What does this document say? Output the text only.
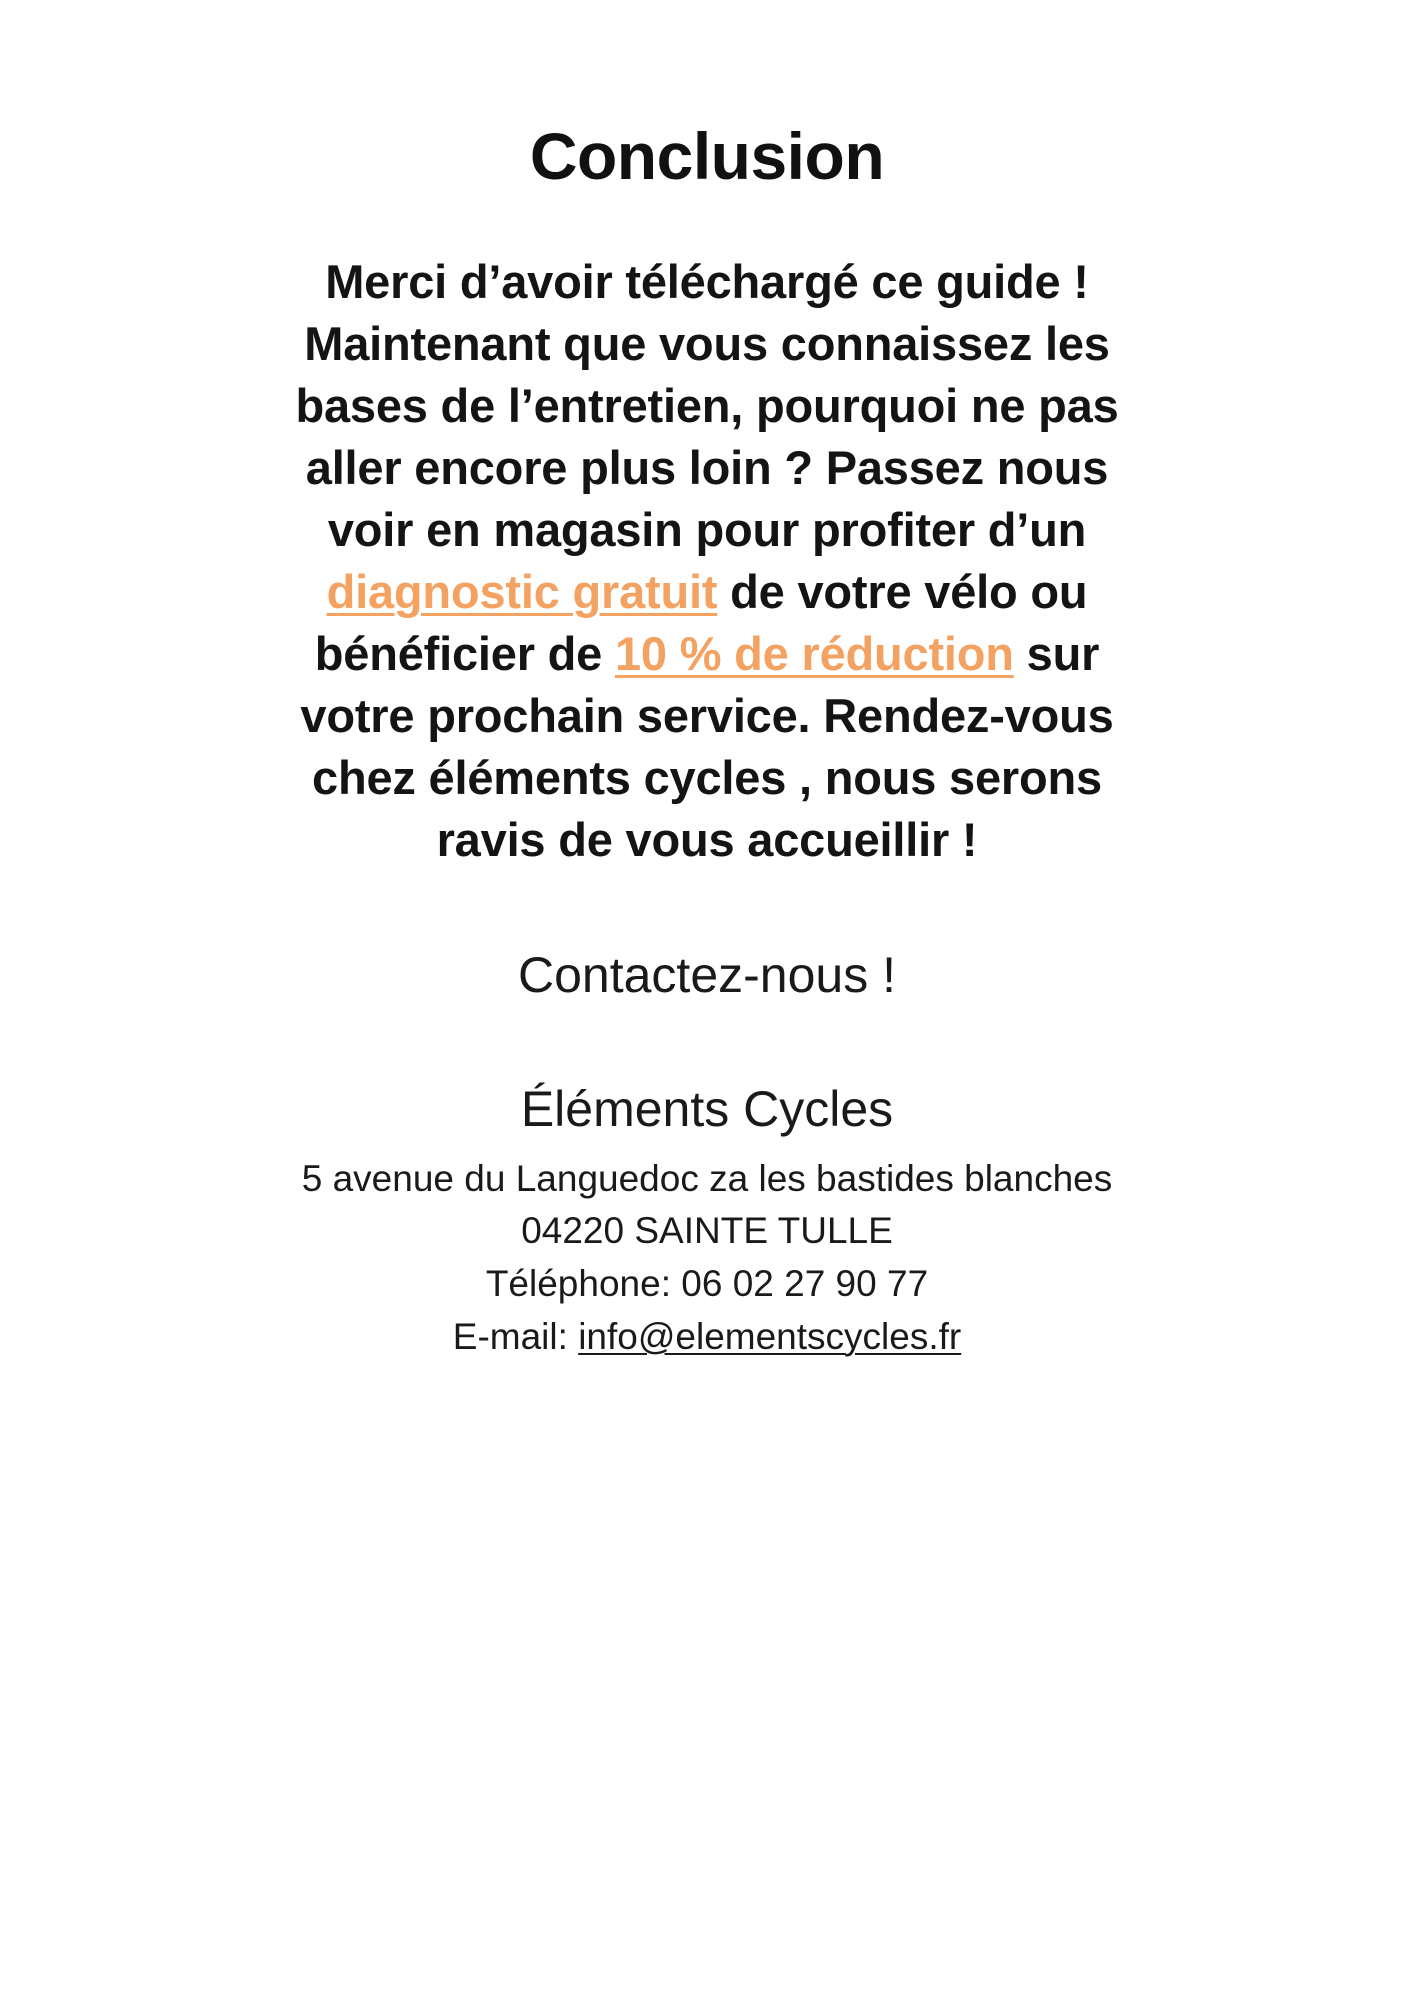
Conclusion

Merci d’avoir téléchargé ce guide ! Maintenant que vous connaissez les bases de l’entretien, pourquoi ne pas aller encore plus loin ? Passez nous voir en magasin pour profiter d’un diagnostic gratuit de votre vélo ou bénéficier de 10 % de réduction sur votre prochain service. Rendez-vous chez éléments cycles , nous serons ravis de vous accueillir !

Contactez-nous !

Éléments Cycles

5 avenue du Languedoc za les bastides blanches

04220 SAINTE TULLE

Téléphone: 06 02 27 90 77

E-mail: info@elementscycles.fr
